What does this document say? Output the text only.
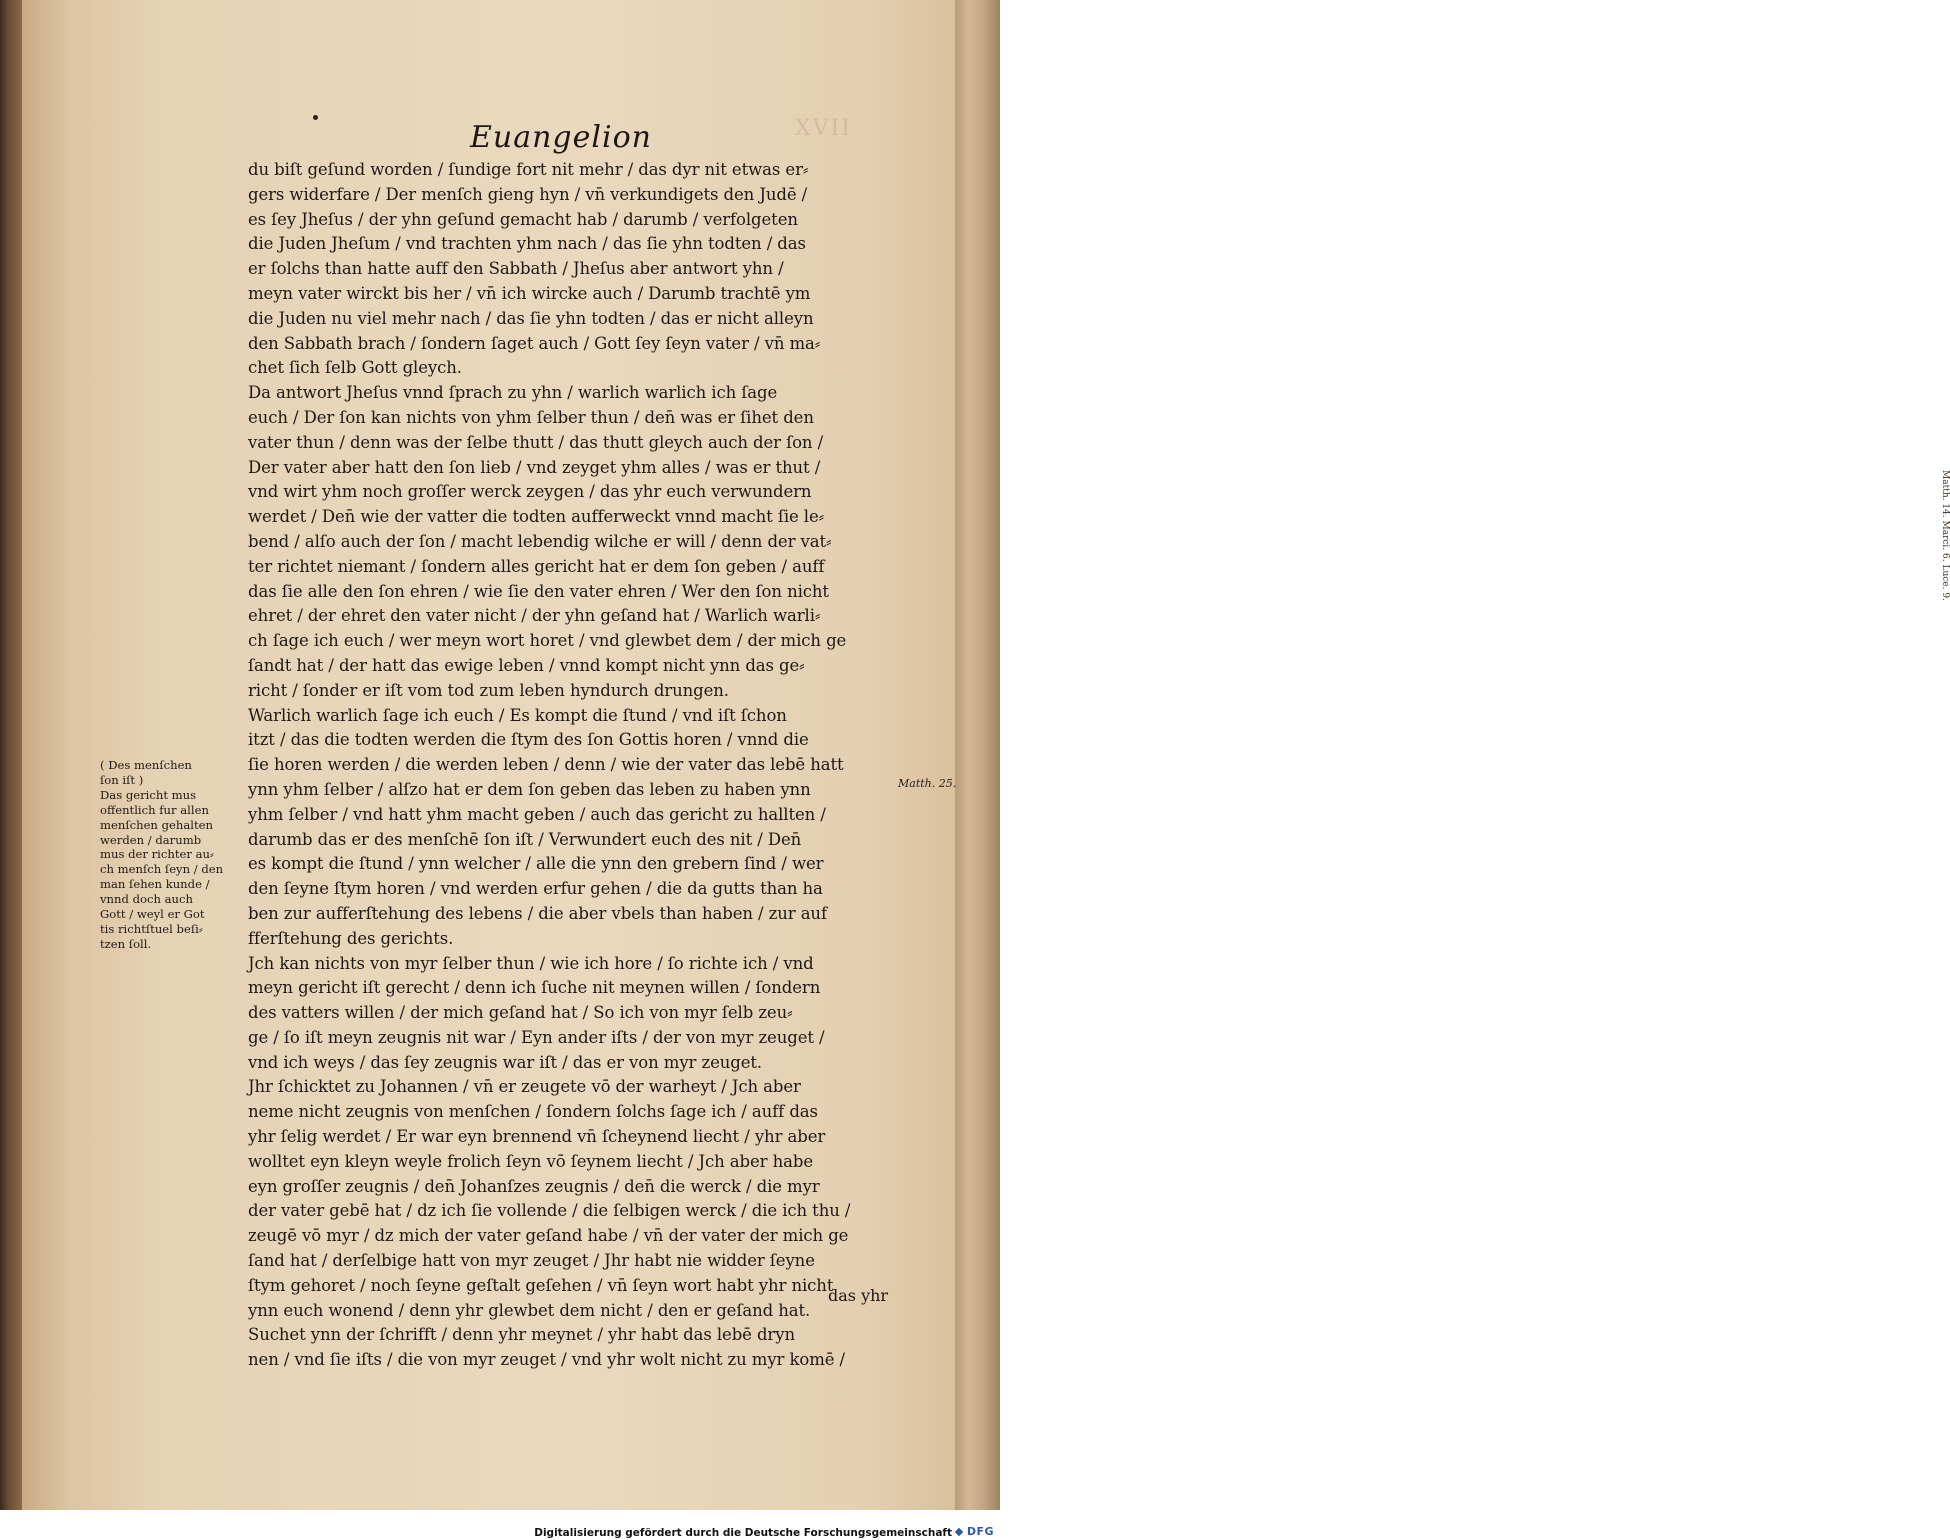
Matth. 14. Marci. 6. Luce. 9.
XVII
Euangelion
du biſt geſund worden / ſundige fort nit mehr / das dyr nit etwas er⸗
gers widerfare / Der menſch gieng hyn / vn̄ verkundigets den Judē /
es ſey Jheſus / der yhn geſund gemacht hab / darumb / verfolgeten
die Juden Jheſum / vnd trachten yhm nach / das ſie yhn todten / das
er ſolchs than hatte auff den Sabbath / Jheſus aber antwort yhn /
meyn vater wirckt bis her / vn̄ ich wircke auch / Darumb trachtē ym
die Juden nu viel mehr nach / das ſie yhn todten / das er nicht alleyn
den Sabbath brach / ſondern ſaget auch / Gott ſey ſeyn vater / vn̄ ma⸗
chet ſich ſelb Gott gleych.
Da antwort Jheſus vnnd ſprach zu yhn / warlich warlich ich ſage
euch / Der ſon kan nichts von yhm ſelber thun / den̄ was er ſihet den
vater thun / denn was der ſelbe thutt / das thutt gleych auch der ſon /
Der vater aber hatt den ſon lieb / vnd zeyget yhm alles / was er thut /
vnd wirt yhm noch groſſer werck zeygen / das yhr euch verwundern
werdet / Den̄ wie der vatter die todten aufferweckt vnnd macht ſie le⸗
bend / alſo auch der ſon / macht lebendig wilche er will / denn der vat⸗
ter richtet niemant / ſondern alles gericht hat er dem ſon geben / auff
das ſie alle den ſon ehren / wie ſie den vater ehren / Wer den ſon nicht
ehret / der ehret den vater nicht / der yhn geſand hat / Warlich warli⸗
ch ſage ich euch / wer meyn wort horet / vnd glewbet dem / der mich ge
ſandt hat / der hatt das ewige leben / vnnd kompt nicht ynn das ge⸗
richt / ſonder er iſt vom tod zum leben hyndurch drungen.
Warlich warlich ſage ich euch / Es kompt die ſtund / vnd iſt ſchon
itzt / das die todten werden die ſtym des ſon Gottis horen / vnnd die
ſie horen werden / die werden leben / denn / wie der vater das lebē hatt
ynn yhm ſelber / alſzo hat er dem ſon geben das leben zu haben ynn
yhm ſelber / vnd hatt yhm macht geben / auch das gericht zu hallten /
darumb das er des menſchē ſon iſt / Verwundert euch des nit / Den̄
es kompt die ſtund / ynn welcher / alle die ynn den grebern ſind / wer
den ſeyne ſtym horen / vnd werden erfur gehen / die da gutts than ha
ben zur aufferſtehung des lebens / die aber vbels than haben / zur auf
fferſtehung des gerichts.
Jch kan nichts von myr ſelber thun / wie ich hore / ſo richte ich / vnd
meyn gericht iſt gerecht / denn ich ſuche nit meynen willen / ſondern
des vatters willen / der mich geſand hat / So ich von myr ſelb zeu⸗
ge / ſo iſt meyn zeugnis nit war / Eyn ander iſts / der von myr zeuget /
vnd ich weys / das ſey zeugnis war iſt / das er von myr zeuget.
Jhr ſchicktet zu Johannen / vn̄ er zeugete vō der warheyt / Jch aber
neme nicht zeugnis von menſchen / ſondern ſolchs ſage ich / auff das
yhr ſelig werdet / Er war eyn brennend vn̄ ſcheynend liecht / yhr aber
wolltet eyn kleyn weyle frolich ſeyn vō ſeynem liecht / Jch aber habe
eyn groſſer zeugnis / den̄ Johanſzes zeugnis / den̄ die werck / die myr
der vater gebē hat / dz ich ſie vollende / die ſelbigen werck / die ich thu /
zeugē vō myr / dz mich der vater geſand habe / vn̄ der vater der mich ge
ſand hat / derſelbige hatt von myr zeuget / Jhr habt nie widder ſeyne
ſtym gehoret / noch ſeyne geſtalt geſehen / vn̄ ſeyn wort habt yhr nicht
ynn euch wonend / denn yhr glewbet dem nicht / den er geſand hat.
Suchet ynn der ſchrifft / denn yhr meynet / yhr habt das lebē dryn
nen / vnd ſie iſts / die von myr zeuget / vnd yhr wolt nicht zu myr komē /
das yhr
( Des menſchen
ſon iſt )
Das gericht mus
offentlich fur allen
menſchen gehalten
werden / darumb
mus der richter au⸗
ch menſch ſeyn / den
man ſehen kunde /
vnnd doch auch
Gott / weyl er Got
tis richtſtuel beſi⸗
tzen ſoll.
Matth. 25.
Digitalisierung gefördert durch die Deutsche Forschungsgemeinschaft DFG
